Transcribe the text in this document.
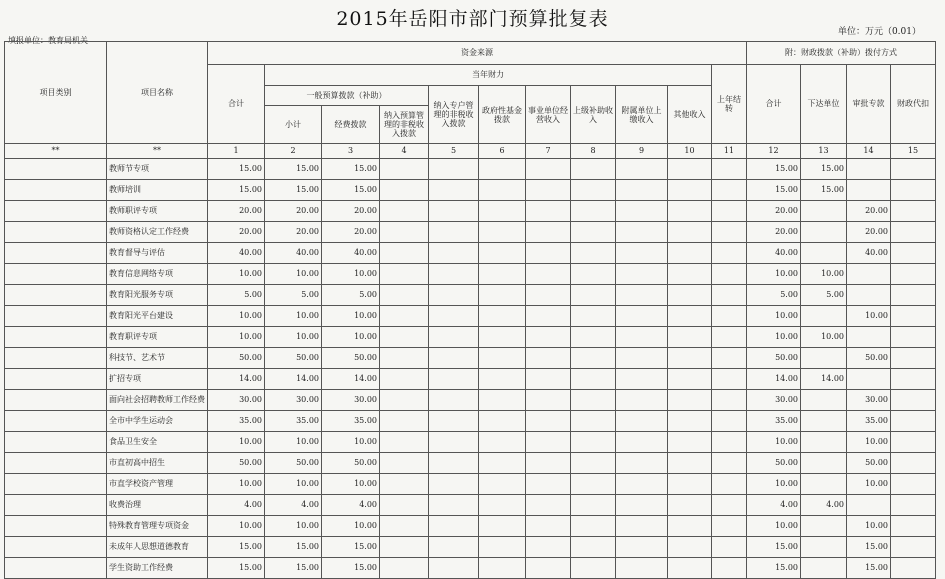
2015年岳阳市部门预算批复表
单位：万元（0.01）
填报单位：教育局机关
项目类别	项目名称	资金来源											附：财政拨款（补助）拨付方式			
		合计	当年财力									上年结转	合计	下达单位	审批专款	财政代扣
			一般预算拨款（补助）			纳入专户管理的非税收入拨款	政府性基金拨款	事业单位经营收入	上级补助收入	附属单位上缴收入	其他收入					
			小计	经费拨款	纳入预算管理的非税收入拨款											
**	**	1	2	3	4	5	6	7	8	9	10	11	12	13	14	15
	教师节专项	15.00	15.00	15.00									15.00	15.00		
	教师培训	15.00	15.00	15.00									15.00	15.00		
	教师职评专项	20.00	20.00	20.00									20.00		20.00	
	教师资格认定工作经费	20.00	20.00	20.00									20.00		20.00	
	教育督导与评估	40.00	40.00	40.00									40.00		40.00	
	教育信息网络专项	10.00	10.00	10.00									10.00	10.00		
	教育阳光服务专项	5.00	5.00	5.00									5.00	5.00		
	教育阳光平台建设	10.00	10.00	10.00									10.00		10.00	
	教育职评专项	10.00	10.00	10.00									10.00	10.00		
	科技节、艺术节	50.00	50.00	50.00									50.00		50.00	
	扩招专项	14.00	14.00	14.00									14.00	14.00		
	面向社会招聘教师工作经费	30.00	30.00	30.00									30.00		30.00	
	全市中学生运动会	35.00	35.00	35.00									35.00		35.00	
	食品卫生安全	10.00	10.00	10.00									10.00		10.00	
	市直初高中招生	50.00	50.00	50.00									50.00		50.00	
	市直学校资产管理	10.00	10.00	10.00									10.00		10.00	
	收费治理	4.00	4.00	4.00									4.00	4.00		
	特殊教育管理专项资金	10.00	10.00	10.00									10.00		10.00	
	未成年人思想道德教育	15.00	15.00	15.00									15.00		15.00	
	学生资助工作经费	15.00	15.00	15.00									15.00		15.00	
